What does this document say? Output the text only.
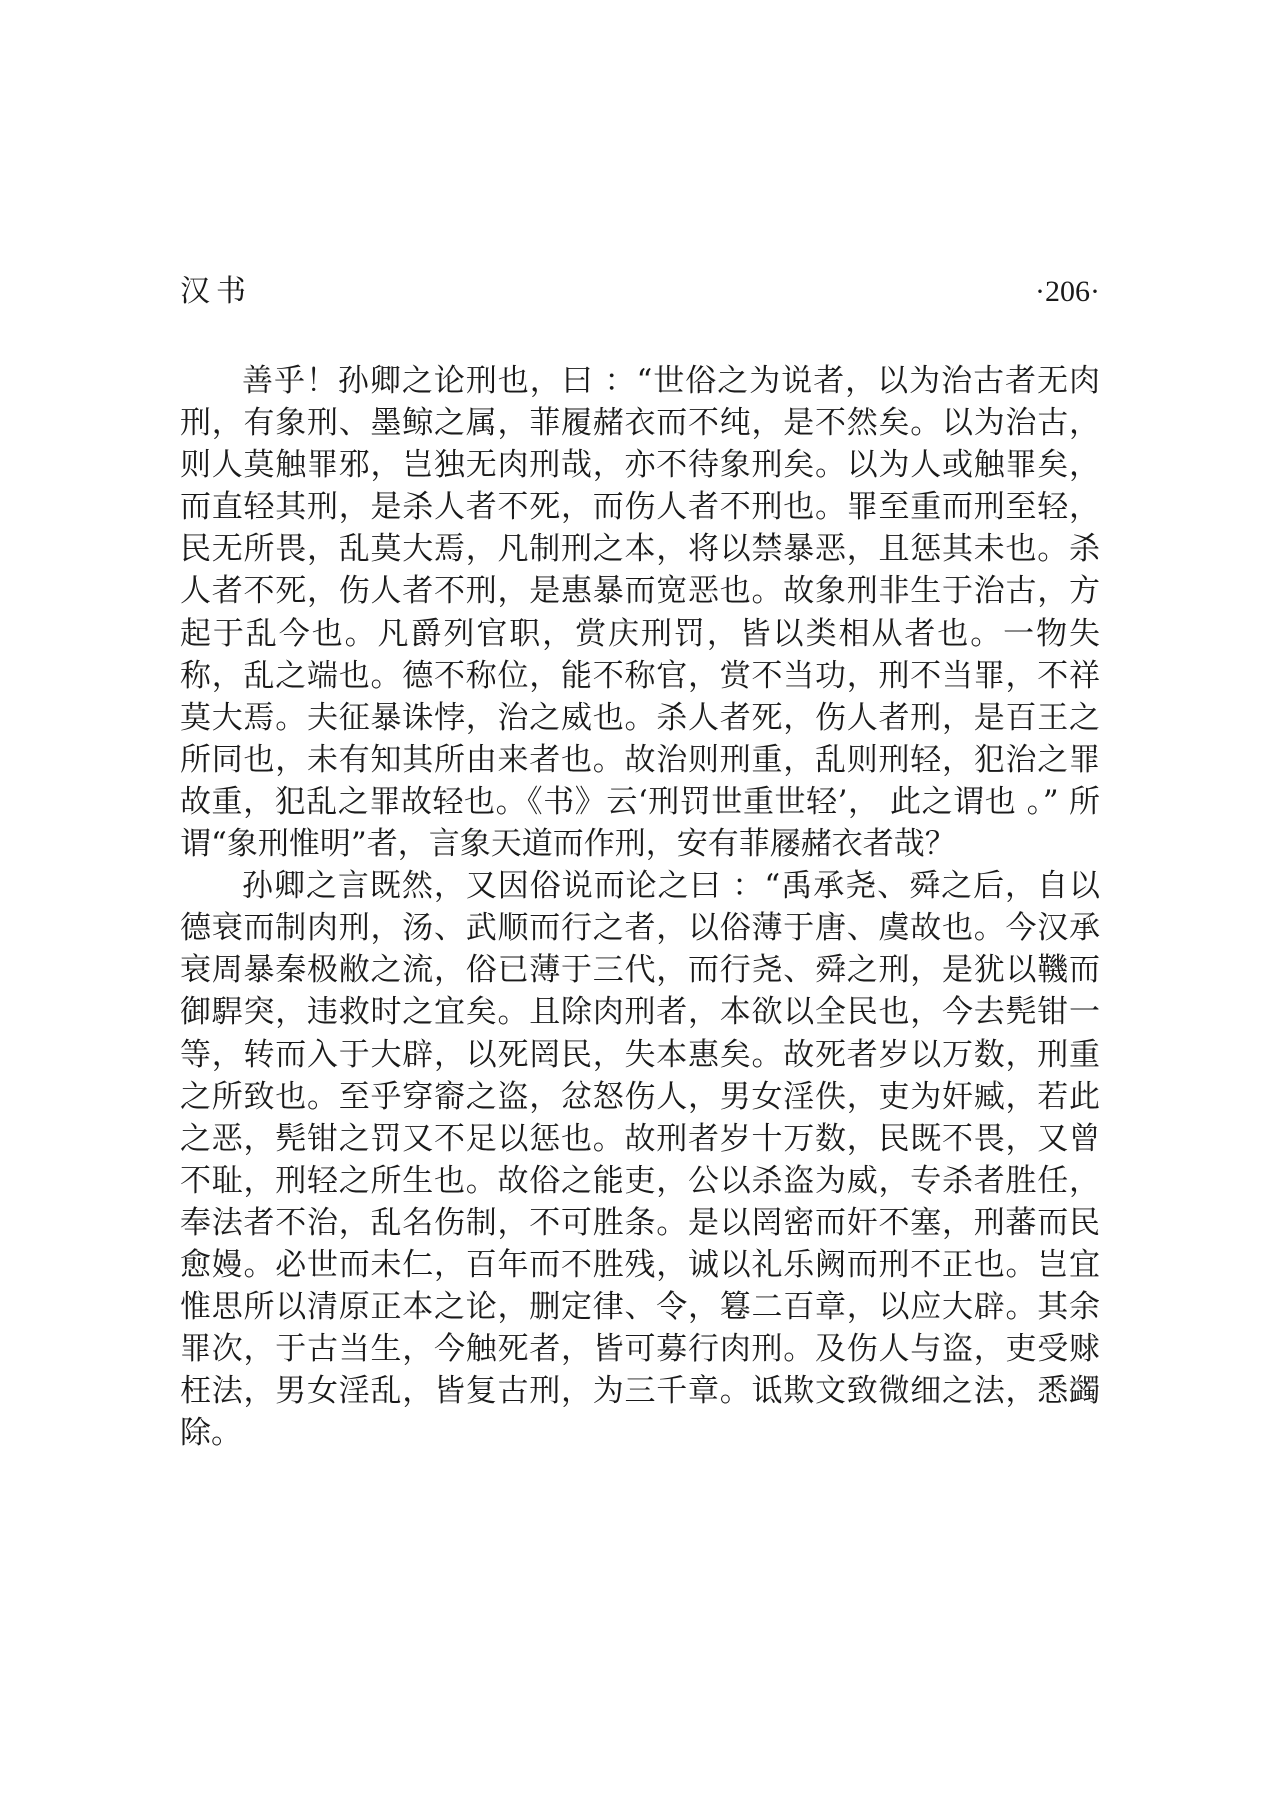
汉书	·206·

善乎！孙卿之论刑也，曰 ：“世俗之为说者，以为治古者无肉刑，有象刑、墨鲸之属，菲履赭衣而不纯，是不然矣。以为治古，则人莫触罪邪，岂独无肉刑哉，亦不待象刑矣。以为人或触罪矣，而直轻其刑，是杀人者不死，而伤人者不刑也。罪至重而刑至轻，民无所畏，乱莫大焉，凡制刑之本，将以禁暴恶，且惩其未也。杀人者不死，伤人者不刑，是惠暴而宽恶也。故象刑非生于治古，方起于乱今也。凡爵列官职，赏庆刑罚，皆以类相从者也。一物失称，乱之端也。德不称位，能不称官，赏不当功，刑不当罪，不祥莫大焉。夫征暴诛悖，治之威也。杀人者死，伤人者刑，是百王之所同也，未有知其所由来者也。故治则刑重，乱则刑轻，犯治之罪故重，犯乱之罪故轻也。《书》云‘刑罚世重世轻’， 此之谓也 。” 所谓“象刑惟明”者，言象天道而作刑，安有菲屦赭衣者哉？

孙卿之言既然，又因俗说而论之曰 ：“禹承尧、舜之后，自以德衰而制肉刑，汤、武顺而行之者，以俗薄于唐、虞故也。今汉承衰周暴秦极敝之流，俗已薄于三代，而行尧、舜之刑，是犹以鞿而御駻突，违救时之宜矣。且除肉刑者，本欲以全民也，今去髡钳一等，转而入于大辟，以死罔民，失本惠矣。故死者岁以万数，刑重之所致也。至乎穿窬之盗，忿怒伤人，男女淫佚，吏为奸臧，若此之恶，髡钳之罚又不足以惩也。故刑者岁十万数，民既不畏，又曾不耻，刑轻之所生也。故俗之能吏，公以杀盗为威，专杀者胜任，奉法者不治，乱名伤制，不可胜条。是以罔密而奸不塞，刑蕃而民愈嫚。必世而未仁，百年而不胜残，诚以礼乐阙而刑不正也。岂宜惟思所以清原正本之论，删定律、令，篹二百章，以应大辟。其余罪次，于古当生，今触死者，皆可募行肉刑。及伤人与盗，吏受赇枉法，男女淫乱，皆复古刑，为三千章。诋欺文致微细之法，悉蠲除。
